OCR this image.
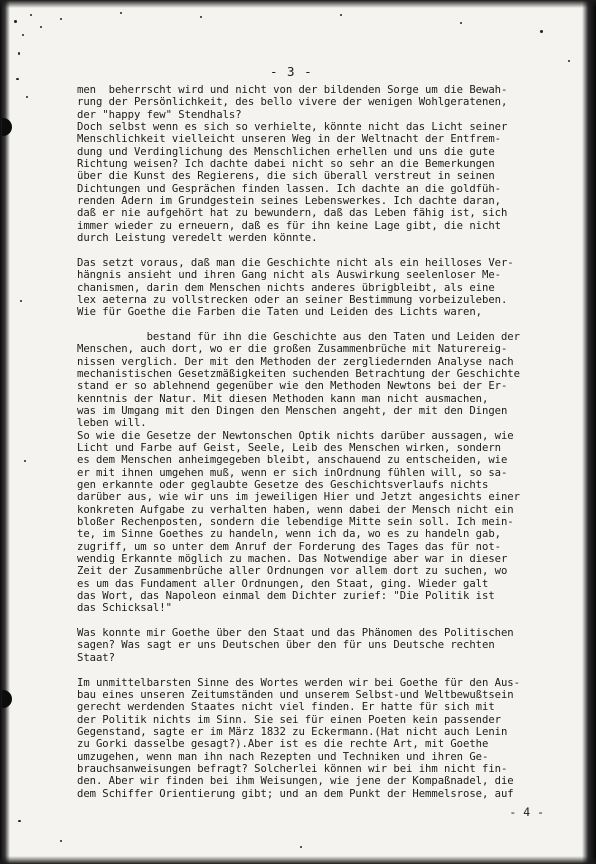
- 3 -
men  beherrscht wird und nicht von der bildenden Sorge um die Bewah-
rung der Persönlichkeit, des bello vivere der wenigen Wohlgeratenen,
der "happy few" Stendhals?
Doch selbst wenn es sich so verhielte, könnte nicht das Licht seiner
Menschlichkeit vielleicht unseren Weg in der Weltnacht der Entfrem-
dung und Verdinglichung des Menschlichen erhellen und uns die gute
Richtung weisen? Ich dachte dabei nicht so sehr an die Bemerkungen
über die Kunst des Regierens, die sich überall verstreut in seinen
Dichtungen und Gesprächen finden lassen. Ich dachte an die goldfüh-
renden Adern im Grundgestein seines Lebenswerkes. Ich dachte daran,
daß er nie aufgehört hat zu bewundern, daß das Leben fähig ist, sich
immer wieder zu erneuern, daß es für ihn keine Lage gibt, die nicht
durch Leistung veredelt werden könnte.
Das setzt voraus, daß man die Geschichte nicht als ein heilloses Ver-
hängnis ansieht und ihren Gang nicht als Auswirkung seelenloser Me-
chanismen, darin dem Menschen nichts anderes übrigbleibt, als eine
lex aeterna zu vollstrecken oder an seiner Bestimmung vorbeizuleben.
Wie für Goethe die Farben die Taten und Leiden des Lichts waren,
bestand für ihn die Geschichte aus den Taten und Leiden der
Menschen, auch dort, wo er die großen Zusammenbrüche mit Naturereig-
nissen verglich. Der mit den Methoden der zergliedernden Analyse nach
mechanistischen Gesetzmäßigkeiten suchenden Betrachtung der Geschichte
stand er so ablehnend gegenüber wie den Methoden Newtons bei der Er-
kenntnis der Natur. Mit diesen Methoden kann man nicht ausmachen,
was im Umgang mit den Dingen den Menschen angeht, der mit den Dingen
leben will.
So wie die Gesetze der Newtonschen Optik nichts darüber aussagen, wie
Licht und Farbe auf Geist, Seele, Leib des Menschen wirken, sondern
es dem Menschen anheimgegeben bleibt, anschauend zu entscheiden, wie
er mit ihnen umgehen muß, wenn er sich inOrdnung fühlen will, so sa-
gen erkannte oder geglaubte Gesetze des Geschichtsverlaufs nichts
darüber aus, wie wir uns im jeweiligen Hier und Jetzt angesichts einer
konkreten Aufgabe zu verhalten haben, wenn dabei der Mensch nicht ein
bloßer Rechenposten, sondern die lebendige Mitte sein soll. Ich mein-
te, im Sinne Goethes zu handeln, wenn ich da, wo es zu handeln gab,
zugriff, um so unter dem Anruf der Forderung des Tages das für not-
wendig Erkannte möglich zu machen. Das Notwendige aber war in dieser
Zeit der Zusammenbrüche aller Ordnungen vor allem dort zu suchen, wo
es um das Fundament aller Ordnungen, den Staat, ging. Wieder galt
das Wort, das Napoleon einmal dem Dichter zurief: "Die Politik ist
das Schicksal!"
Was konnte mir Goethe über den Staat und das Phänomen des Politischen
sagen? Was sagt er uns Deutschen über den für uns Deutsche rechten
Staat?
Im unmittelbarsten Sinne des Wortes werden wir bei Goethe für den Aus-
bau eines unseren Zeitumständen und unserem Selbst-und Weltbewußtsein
gerecht werdenden Staates nicht viel finden. Er hatte für sich mit
der Politik nichts im Sinn. Sie sei für einen Poeten kein passender
Gegenstand, sagte er im März 1832 zu Eckermann.(Hat nicht auch Lenin
zu Gorki dasselbe gesagt?).Aber ist es die rechte Art, mit Goethe
umzugehen, wenn man ihn nach Rezepten und Techniken und ihren Ge-
brauchsanweisungen befragt? Solcherlei können wir bei ihm nicht fin-
den. Aber wir finden bei ihm Weisungen, wie jene der Kompaßnadel, die
dem Schiffer Orientierung gibt; und an dem Punkt der Hemmelsrose, auf
- 4 -
